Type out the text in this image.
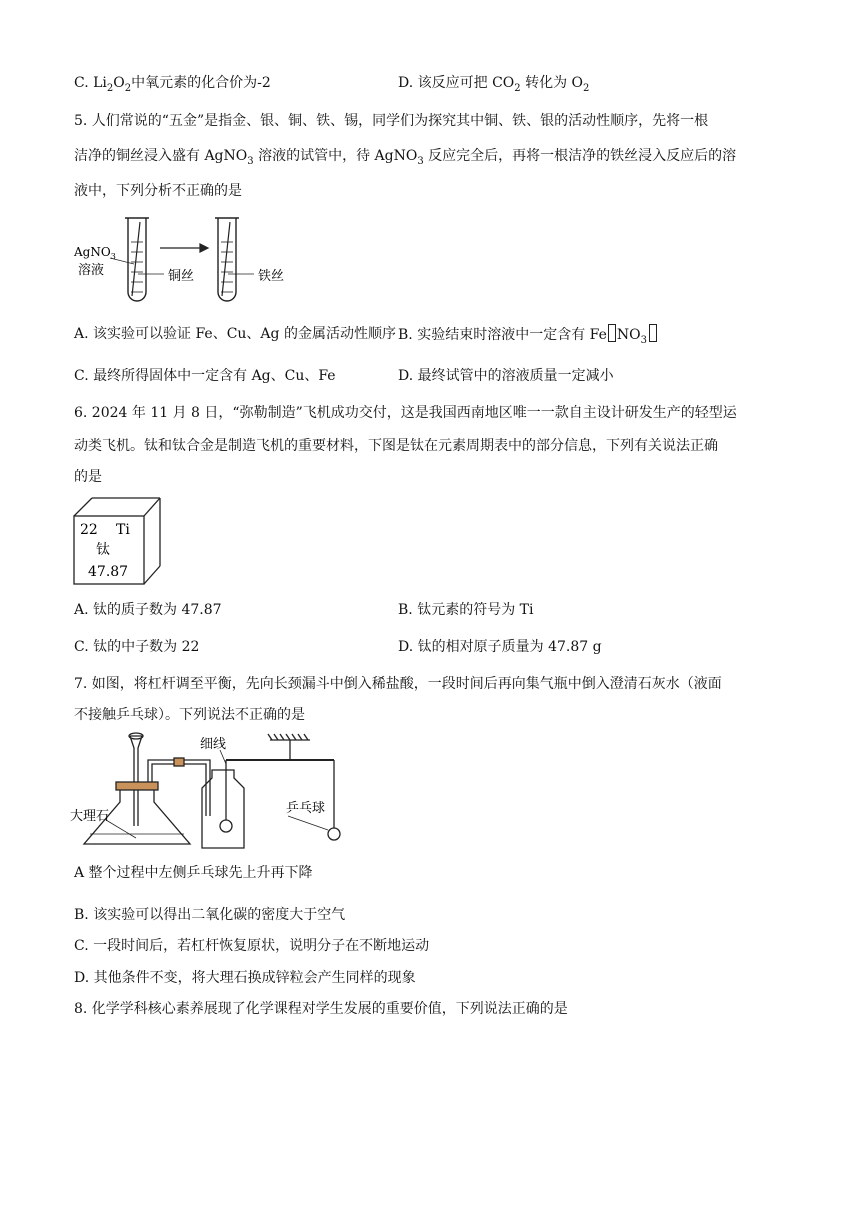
C. $Li_2O_2$中氧元素的化合价为-2	D. 该反应可把 $CO_2$ 转化为 $O_2$
5. 人们常说的“五金”是指金、银、铜、铁、锡，同学们为探究其中铜、铁、银的活动性顺序，先将一根
洁净的铜丝浸入盛有 AgNO$_3$ 溶液的试管中，待 AgNO$_3$ 反应完全后，再将一根洁净的铁丝浸入反应后的溶
液中，下列分析不正确的是
AgNO$_3$
溶液	铜丝	铁丝
A. 该实验可以验证 Fe、Cu、Ag 的金属活动性顺序 B. 实验结束时溶液中一定含有 Fe $NO_3$
C. 最终所得固体中一定含有 Ag、Cu、Fe	D. 最终试管中的溶液质量一定减小
6. 2024 年 11 月 8 日，“弥勒制造”飞机成功交付，这是我国西南地区唯一一款自主设计研发生产的轻型运
动类飞机。钛和钛合金是制造飞机的重要材料，下图是钛在元素周期表中的部分信息，下列有关说法正确
的是
22 Ti
钛
47.87
A. 钛的质子数为 47.87	B. 钛元素的符号为 Ti
C. 钛的中子数为 22	D. 钛的相对原子质量为 47.87 g
7. 如图，将杠杆调至平衡，先向长颈漏斗中倒入稀盐酸，一段时间后再向集气瓶中倒入澄清石灰水（液面
不接触乒乓球）。下列说法不正确的是
细线
大理石
乒乓球
A 整个过程中左侧乒乓球先上升再下降
B. 该实验可以得出二氧化碳的密度大于空气
C. 一段时间后，若杠杆恢复原状，说明分子在不断地运动
D. 其他条件不变，将大理石换成锌粒会产生同样的现象
8. 化学学科核心素养展现了化学课程对学生发展的重要价值，下列说法正确的是
